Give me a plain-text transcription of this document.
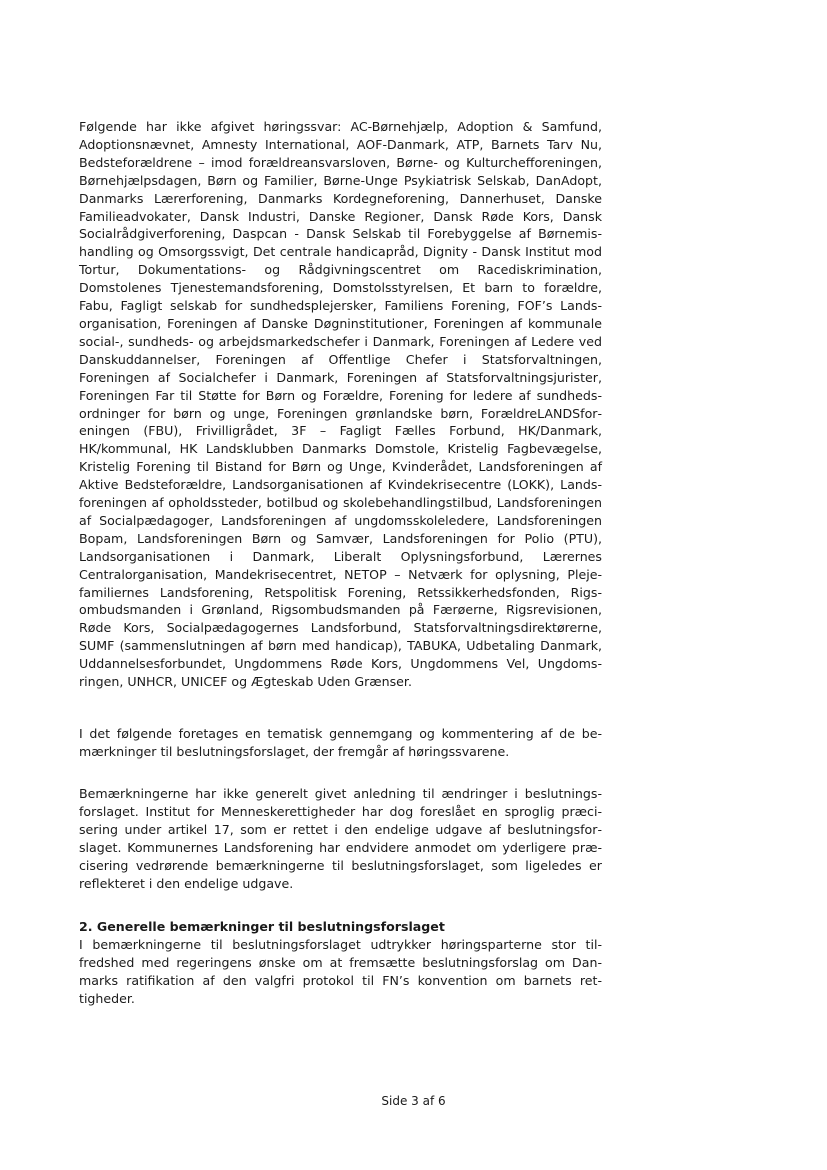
Følgende har ikke afgivet høringssvar: AC-Børnehjælp, Adoption & Samfund, Adoptionsnævnet, Amnesty International, AOF-Danmark, ATP, Barnets Tarv Nu, Bedsteforældrene – imod forældreansvarsloven, Børne- og Kulturchefforeningen, Børnehjælpsdagen, Børn og Familier, Børne-Unge Psykiatrisk Selskab, DanAdopt, Danmarks Lærerforening, Danmarks Kordegneforening, Dannerhuset, Danske Familieadvokater, Dansk Industri, Danske Regioner, Dansk Røde Kors, Dansk Socialrådgiverforening, Daspcan - Dansk Selskab til Forebyggelse af Børnemishandling og Omsorgssvigt, Det centrale handicapråd, Dignity - Dansk Institut mod Tortur, Dokumentations- og Rådgivningscentret om Racediskrimination, Domstolenes Tjenestemandsforening, Domstolsstyrelsen, Et barn to forældre, Fabu, Fagligt selskab for sundhedsplejersker, Familiens Forening, FOF’s Landsorganisation, Foreningen af Danske Døgninstitutioner, Foreningen af kommunale social-, sundheds- og arbejdsmarkedschefer i Danmark, Foreningen af Ledere ved Danskuddannelser, Foreningen af Offentlige Chefer i Statsforvaltningen, Foreningen af Socialchefer i Danmark, Foreningen af Statsforvaltningsjurister, Foreningen Far til Støtte for Børn og Forældre, Forening for ledere af sundhedsordninger for børn og unge, Foreningen grønlandske børn, ForældreLANDSforeningen (FBU), Frivilligrådet, 3F – Fagligt Fælles Forbund, HK/Danmark, HK/kommunal, HK Landsklubben Danmarks Domstole, Kristelig Fagbevægelse, Kristelig Forening til Bistand for Børn og Unge, Kvinderådet, Landsforeningen af Aktive Bedsteforældre, Landsorganisationen af Kvindekrisecentre (LOKK), Landsforeningen af opholdssteder, botilbud og skolebehandlingstilbud, Landsforeningen af Socialpædagoger, Landsforeningen af ungdomsskoleledere, Landsforeningen Bopam, Landsforeningen Børn og Samvær, Landsforeningen for Polio (PTU), Landsorganisationen i Danmark, Liberalt Oplysningsforbund, Lærernes Centralorganisation, Mandekrisecentret, NETOP – Netværk for oplysning, Plejefamiliernes Landsforening, Retspolitisk Forening, Retssikkerhedsfonden, Rigsombudsmanden i Grønland, Rigsombudsmanden på Færøerne, Rigsrevisionen, Røde Kors, Socialpædagogernes Landsforbund, Statsforvaltningsdirektørerne, SUMF (sammenslutningen af børn med handicap), TABUKA, Udbetaling Danmark, Uddannelsesforbundet, Ungdommens Røde Kors, Ungdommens Vel, Ungdomsringen, UNHCR, UNICEF og Ægteskab Uden Grænser.

I det følgende foretages en tematisk gennemgang og kommentering af de bemærkninger til beslutningsforslaget, der fremgår af høringssvarene.

Bemærkningerne har ikke generelt givet anledning til ændringer i beslutningsforslaget. Institut for Menneskerettigheder har dog foreslået en sproglig præcisering under artikel 17, som er rettet i den endelige udgave af beslutningsforslaget. Kommunernes Landsforening har endvidere anmodet om yderligere præcisering vedrørende bemærkningerne til beslutningsforslaget, som ligeledes er reflekteret i den endelige udgave.

2. Generelle bemærkninger til beslutningsforslaget
I bemærkningerne til beslutningsforslaget udtrykker høringsparterne stor tilfredshed med regeringens ønske om at fremsætte beslutningsforslag om Danmarks ratifikation af den valgfri protokol til FN’s konvention om barnets rettigheder.
Side 3 af 6
